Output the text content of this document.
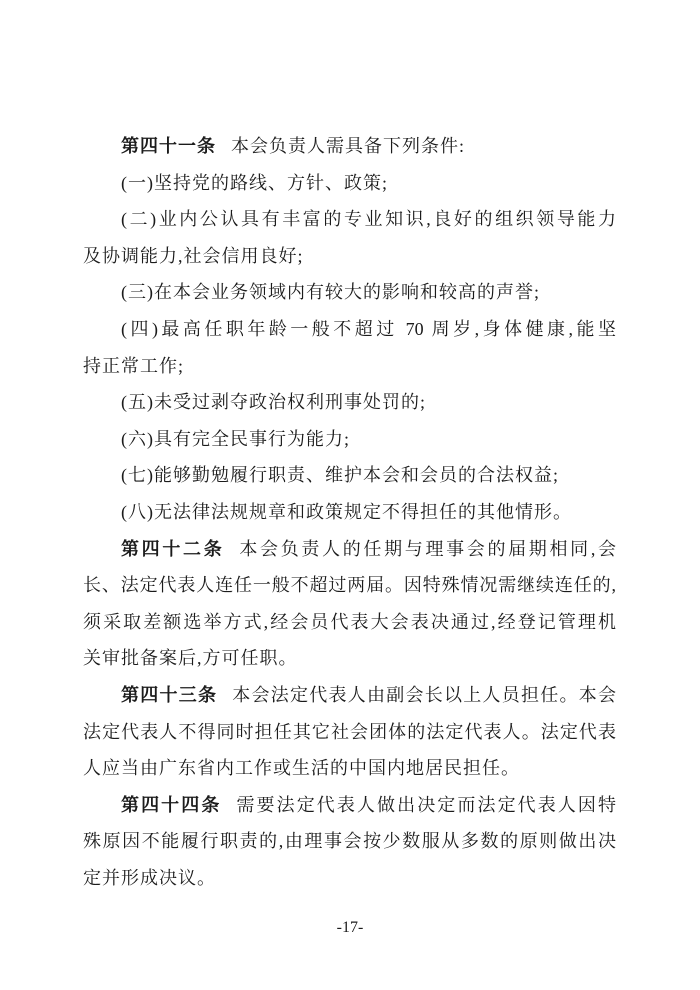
第四十一条 本会负责人需具备下列条件:
(一)坚持党的路线、方针、政策;
(二)业内公认具有丰富的专业知识,良好的组织领导能力
及协调能力,社会信用良好;
(三)在本会业务领域内有较大的影响和较高的声誉;
(四)最高任职年龄一般不超过 70 周岁,身体健康,能坚
持正常工作;
(五)未受过剥夺政治权利刑事处罚的;
(六)具有完全民事行为能力;
(七)能够勤勉履行职责、维护本会和会员的合法权益;
(八)无法律法规规章和政策规定不得担任的其他情形。
第四十二条 本会负责人的任期与理事会的届期相同,会
长、法定代表人连任一般不超过两届。因特殊情况需继续连任的,
须采取差额选举方式,经会员代表大会表决通过,经登记管理机
关审批备案后,方可任职。
第四十三条 本会法定代表人由副会长以上人员担任。本会
法定代表人不得同时担任其它社会团体的法定代表人。法定代表
人应当由广东省内工作或生活的中国内地居民担任。
第四十四条 需要法定代表人做出决定而法定代表人因特
殊原因不能履行职责的,由理事会按少数服从多数的原则做出决
定并形成决议。
-17-
